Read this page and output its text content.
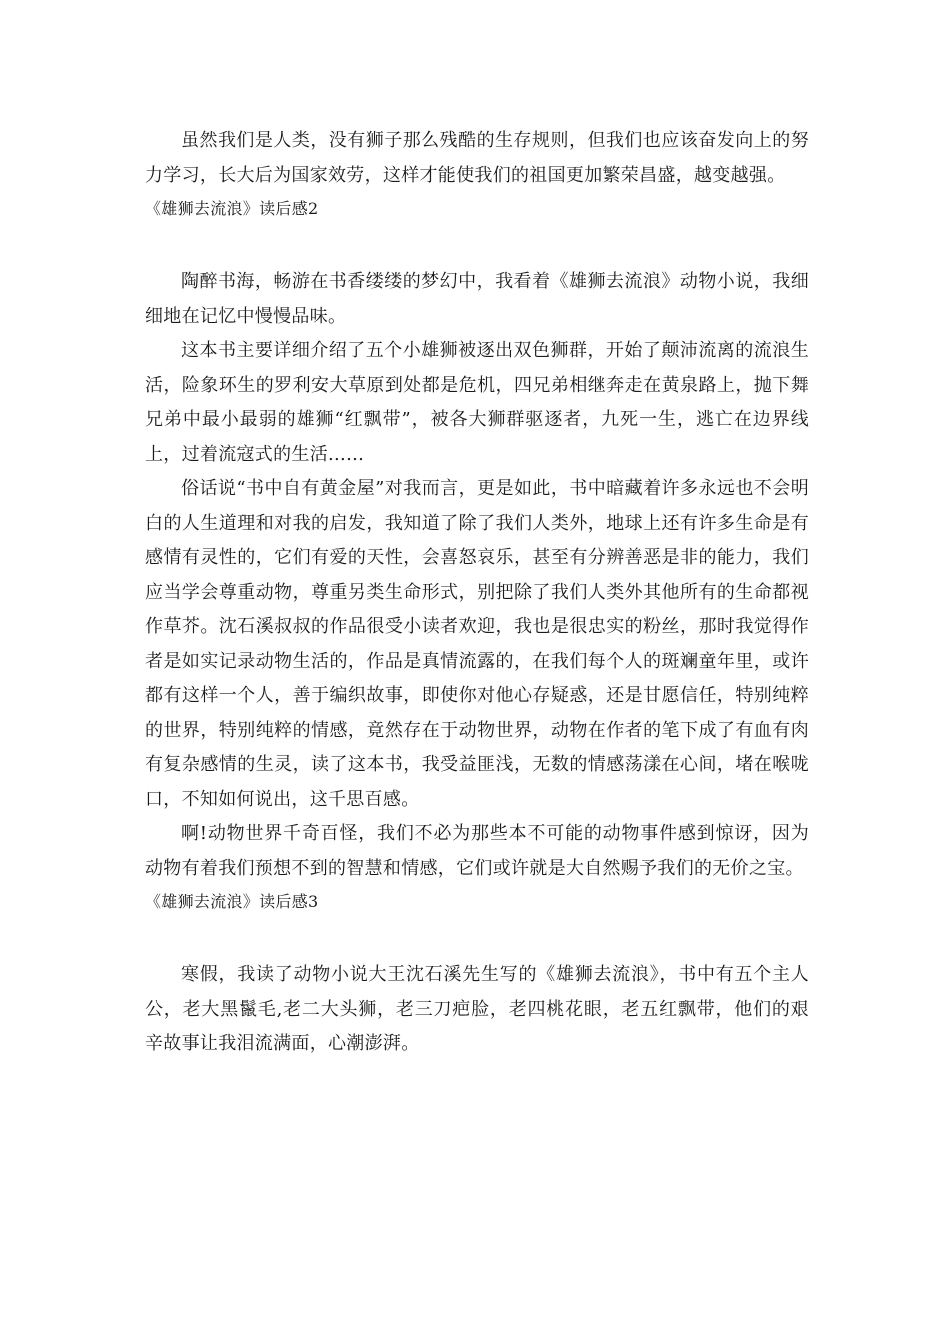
虽然我们是人类，没有狮子那么残酷的生存规则，但我们也应该奋发向上的努力学习，长大后为国家效劳，这样才能使我们的祖国更加繁荣昌盛，越变越强。

《雄狮去流浪》读后感2

陶醉书海，畅游在书香缕缕的梦幻中，我看着《雄狮去流浪》动物小说，我细细地在记忆中慢慢品味。

这本书主要详细介绍了五个小雄狮被逐出双色狮群，开始了颠沛流离的流浪生活，险象环生的罗利安大草原到处都是危机，四兄弟相继奔走在黄泉路上，抛下舞兄弟中最小最弱的雄狮“红飘带”，被各大狮群驱逐者，九死一生，逃亡在边界线上，过着流寇式的生活......

俗话说“书中自有黄金屋”对我而言，更是如此，书中暗藏着许多永远也不会明白的人生道理和对我的启发，我知道了除了我们人类外，地球上还有许多生命是有感情有灵性的，它们有爱的天性，会喜怒哀乐，甚至有分辨善恶是非的能力，我们应当学会尊重动物，尊重另类生命形式，别把除了我们人类外其他所有的生命都视作草芥。沈石溪叔叔的作品很受小读者欢迎，我也是很忠实的粉丝，那时我觉得作者是如实记录动物生活的，作品是真情流露的，在我们每个人的斑斓童年里，或许都有这样一个人，善于编织故事，即使你对他心存疑惑，还是甘愿信任，特别纯粹的世界，特别纯粹的情感，竟然存在于动物世界，动物在作者的笔下成了有血有肉有复杂感情的生灵，读了这本书，我受益匪浅，无数的情感荡漾在心间，堵在喉咙口，不知如何说出，这千思百感。

啊!动物世界千奇百怪，我们不必为那些本不可能的动物事件感到惊讶，因为动物有着我们预想不到的智慧和情感，它们或许就是大自然赐予我们的无价之宝。

《雄狮去流浪》读后感3

寒假，我读了动物小说大王沈石溪先生写的《雄狮去流浪》，书中有五个主人公，老大黑鬣毛,老二大头狮，老三刀疤脸，老四桃花眼，老五红飘带，他们的艰辛故事让我泪流满面，心潮澎湃。
